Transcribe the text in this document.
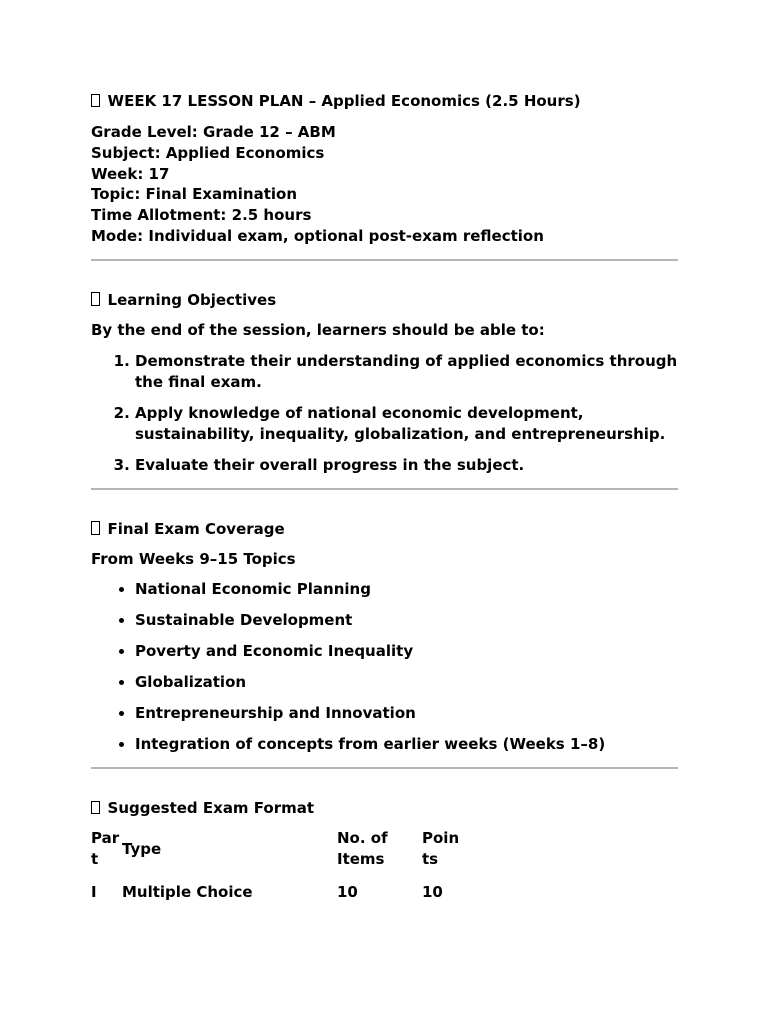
WEEK 17 LESSON PLAN – Applied Economics (2.5 Hours)

Grade Level: Grade 12 – ABM

Subject: Applied Economics

Week: 17

Topic: Final Examination

Time Allotment: 2.5 hours

Mode: Individual exam, optional post-exam reflection

Learning Objectives

By the end of the session, learners should be able to:

1. Demonstrate their understanding of applied economics through the final exam.
2. Apply knowledge of national economic development, sustainability, inequality, globalization, and entrepreneurship.
3. Evaluate their overall progress in the subject.

Final Exam Coverage

From Weeks 9–15 Topics

• National Economic Planning
• Sustainable Development
• Poverty and Economic Inequality
• Globalization
• Entrepreneurship and Innovation
• Integration of concepts from earlier weeks (Weeks 1–8)

Suggested Exam Format

Par t	Type	No. of Items	Poin ts
I	Multiple Choice	10	10
